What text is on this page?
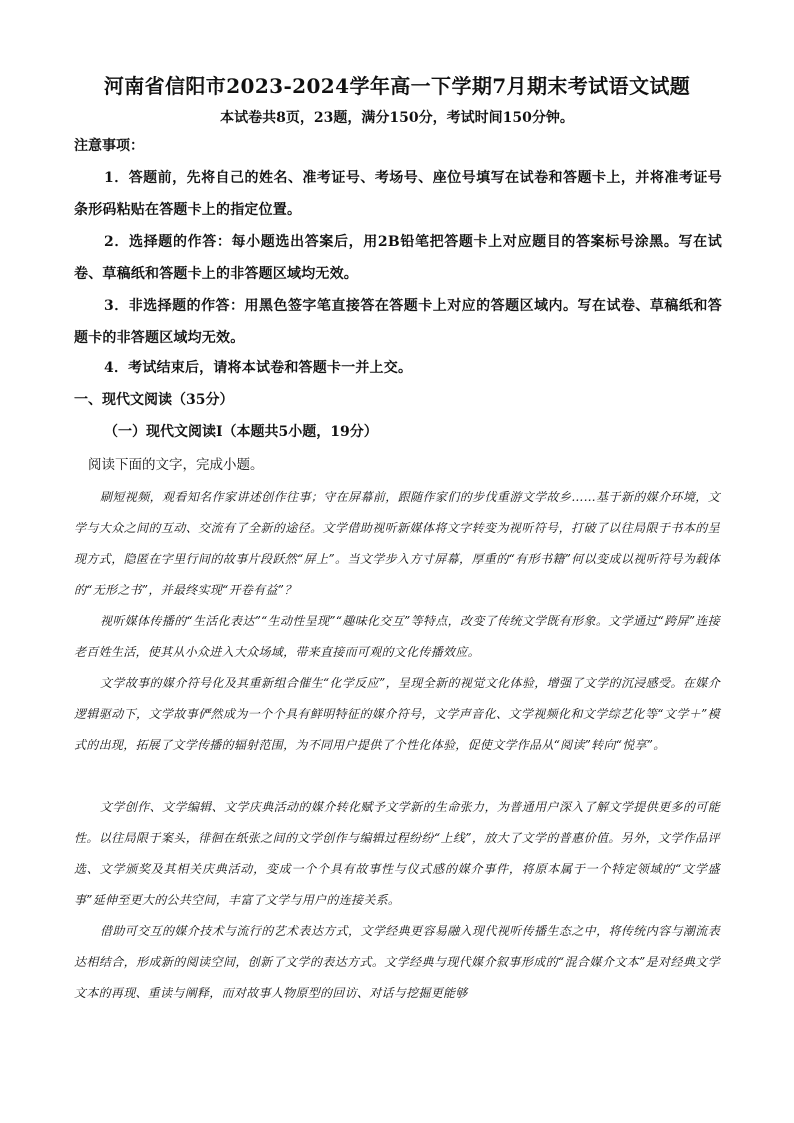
河南省信阳市2023-2024学年高一下学期7月期末考试语文试题
本试卷共8页，23题，满分150分，考试时间150分钟。
注意事项：
1．答题前，先将自己的姓名、准考证号、考场号、座位号填写在试卷和答题卡上，并将准考证号条形码粘贴在答题卡上的指定位置。
2．选择题的作答：每小题选出答案后，用2B铅笔把答题卡上对应题目的答案标号涂黑。写在试卷、草稿纸和答题卡上的非答题区域均无效。
3．非选择题的作答：用黑色签字笔直接答在答题卡上对应的答题区域内。写在试卷、草稿纸和答题卡的非答题区域均无效。
4．考试结束后，请将本试卷和答题卡一并上交。
一、现代文阅读（35分）
（一）现代文阅读Ⅰ（本题共5小题，19分）
阅读下面的文字，完成小题。
刷短视频，观看知名作家讲述创作往事；守在屏幕前，跟随作家们的步伐重游文学故乡……基于新的媒介环境，文学与大众之间的互动、交流有了全新的途径。文学借助视听新媒体将文字转变为视听符号，打破了以往局限于书本的呈现方式，隐匿在字里行间的故事片段跃然“屏上”。当文学步入方寸屏幕，厚重的“有形书籍”何以变成以视听符号为载体的“无形之书”，并最终实现“开卷有益”？
视听媒体传播的“生活化表达”“生动性呈现”“趣味化交互”等特点，改变了传统文学既有形象。文学通过“跨屏”连接老百姓生活，使其从小众进入大众场域，带来直接而可观的文化传播效应。
文学故事的媒介符号化及其重新组合催生“化学反应”，呈现全新的视觉文化体验，增强了文学的沉浸感受。在媒介逻辑驱动下，文学故事俨然成为一个个具有鲜明特征的媒介符号，文学声音化、文学视频化和文学综艺化等“文学＋”模式的出现，拓展了文学传播的辐射范围，为不同用户提供了个性化体验，促使文学作品从“阅读”转向“悦享”。
文学创作、文学编辑、文学庆典活动的媒介转化赋予文学新的生命张力，为普通用户深入了解文学提供更多的可能性。以往局限于案头，徘徊在纸张之间的文学创作与编辑过程纷纷“上线”，放大了文学的普惠价值。另外，文学作品评选、文学颁奖及其相关庆典活动，变成一个个具有故事性与仪式感的媒介事件，将原本属于一个特定领域的“文学盛事”延伸至更大的公共空间，丰富了文学与用户的连接关系。
借助可交互的媒介技术与流行的艺术表达方式，文学经典更容易融入现代视听传播生态之中，将传统内容与潮流表达相结合，形成新的阅读空间，创新了文学的表达方式。文学经典与现代媒介叙事形成的“混合媒介文本”是对经典文学文本的再现、重读与阐释，而对故事人物原型的回访、对话与挖掘更能够
